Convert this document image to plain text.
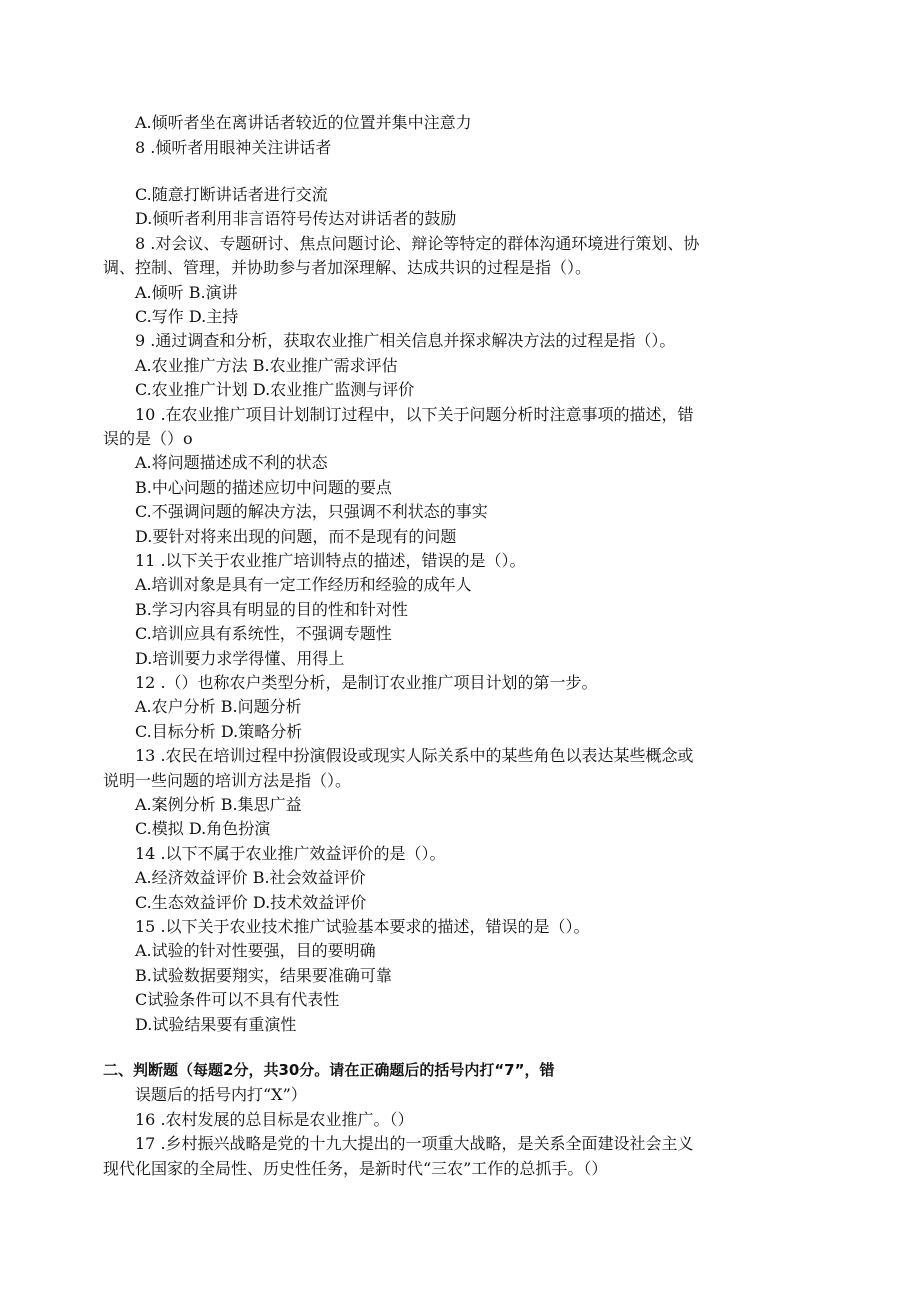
A.倾听者坐在离讲话者较近的位置并集中注意力
8 .倾听者用眼神关注讲话者
C.随意打断讲话者进行交流
D.倾听者利用非言语符号传达对讲话者的鼓励
8 .对会议、专题研讨、焦点问题讨论、辩论等特定的群体沟通环境进行策划、协
调、控制、管理，并协助参与者加深理解、达成共识的过程是指（）。
A.倾听 B.演讲
C.写作 D.主持
9 .通过调查和分析，获取农业推广相关信息并探求解决方法的过程是指（）。
A.农业推广方法 B.农业推广需求评估
C.农业推广计划 D.农业推广监测与评价
10 .在农业推广项目计划制订过程中，以下关于问题分析时注意事项的描述，错
误的是（）o
A.将问题描述成不利的状态
B.中心问题的描述应切中问题的要点
C.不强调问题的解决方法，只强调不利状态的事实
D.要针对将来出现的问题，而不是现有的问题
11 .以下关于农业推广培训特点的描述，错误的是（）。
A.培训对象是具有一定工作经历和经验的成年人
B.学习内容具有明显的目的性和针对性
C.培训应具有系统性，不强调专题性
D.培训要力求学得懂、用得上
12 .（）也称农户类型分析，是制订农业推广项目计划的第一步。
A.农户分析 B.问题分析
C.目标分析 D.策略分析
13 .农民在培训过程中扮演假设或现实人际关系中的某些角色以表达某些概念或
说明一些问题的培训方法是指（）。
A.案例分析 B.集思广益
C.模拟 D.角色扮演
14 .以下不属于农业推广效益评价的是（）。
A.经济效益评价 B.社会效益评价
C.生态效益评价 D.技术效益评价
15 .以下关于农业技术推广试验基本要求的描述，错误的是（）。
A.试验的针对性要强，目的要明确
B.试验数据要翔实，结果要准确可靠
C试验条件可以不具有代表性
D.试验结果要有重演性
二、判断题（每题2分，共30分。请在正确题后的括号内打“7”，错
误题后的括号内打“X”）
16 .农村发展的总目标是农业推广。（）
17 .乡村振兴战略是党的十九大提出的一项重大战略，是关系全面建设社会主义
现代化国家的全局性、历史性任务，是新时代“三农”工作的总抓手。（）
